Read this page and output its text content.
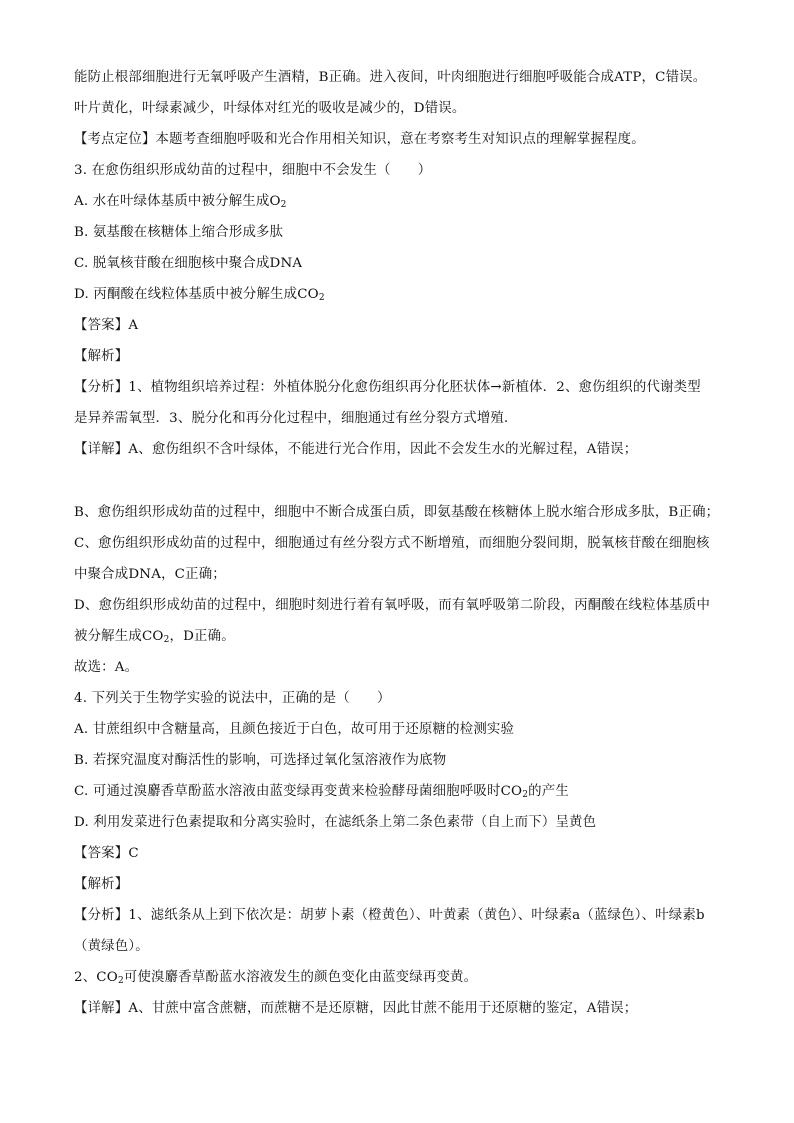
能防止根部细胞进行无氧呼吸产生酒精，B正确。进入夜间，叶肉细胞进行细胞呼吸能合成ATP，C错误。
叶片黄化，叶绿素减少，叶绿体对红光的吸收是减少的，D错误。
【考点定位】本题考查细胞呼吸和光合作用相关知识，意在考察考生对知识点的理解掌握程度。
3. 在愈伤组织形成幼苗的过程中，细胞中不会发生（　　）
A. 水在叶绿体基质中被分解生成$O_2$
B. 氨基酸在核糖体上缩合形成多肽
C. 脱氧核苷酸在细胞核中聚合成DNA
D. 丙酮酸在线粒体基质中被分解生成$CO_2$
【答案】A
【解析】
【分析】1、植物组织培养过程：外植体脱分化愈伤组织再分化胚状体→新植体．2、愈伤组织的代谢类型
是异养需氧型．3、脱分化和再分化过程中，细胞通过有丝分裂方式增殖．
【详解】A、愈伤组织不含叶绿体，不能进行光合作用，因此不会发生水的光解过程，A错误；
B、愈伤组织形成幼苗的过程中，细胞中不断合成蛋白质，即氨基酸在核糖体上脱水缩合形成多肽，B正确；
C、愈伤组织形成幼苗的过程中，细胞通过有丝分裂方式不断增殖，而细胞分裂间期，脱氧核苷酸在细胞核
中聚合成DNA，C正确；
D、愈伤组织形成幼苗的过程中，细胞时刻进行着有氧呼吸，而有氧呼吸第二阶段，丙酮酸在线粒体基质中
被分解生成$CO_2$，D正确。
故选：A。
4. 下列关于生物学实验的说法中，正确的是（　　）
A. 甘蔗组织中含糖量高，且颜色接近于白色，故可用于还原糖的检测实验
B. 若探究温度对酶活性的影响，可选择过氧化氢溶液作为底物
C. 可通过溴麝香草酚蓝水溶液由蓝变绿再变黄来检验酵母菌细胞呼吸时$CO_2$的产生
D. 利用发菜进行色素提取和分离实验时，在滤纸条上第二条色素带（自上而下）呈黄色
【答案】C
【解析】
【分析】1、滤纸条从上到下依次是：胡萝卜素（橙黄色）、叶黄素（黄色）、叶绿素a（蓝绿色）、叶绿素b
（黄绿色）。
2、$CO_2$可使溴麝香草酚蓝水溶液发生的颜色变化由蓝变绿再变黄。
【详解】A、甘蔗中富含蔗糖，而蔗糖不是还原糖，因此甘蔗不能用于还原糖的鉴定，A错误；
